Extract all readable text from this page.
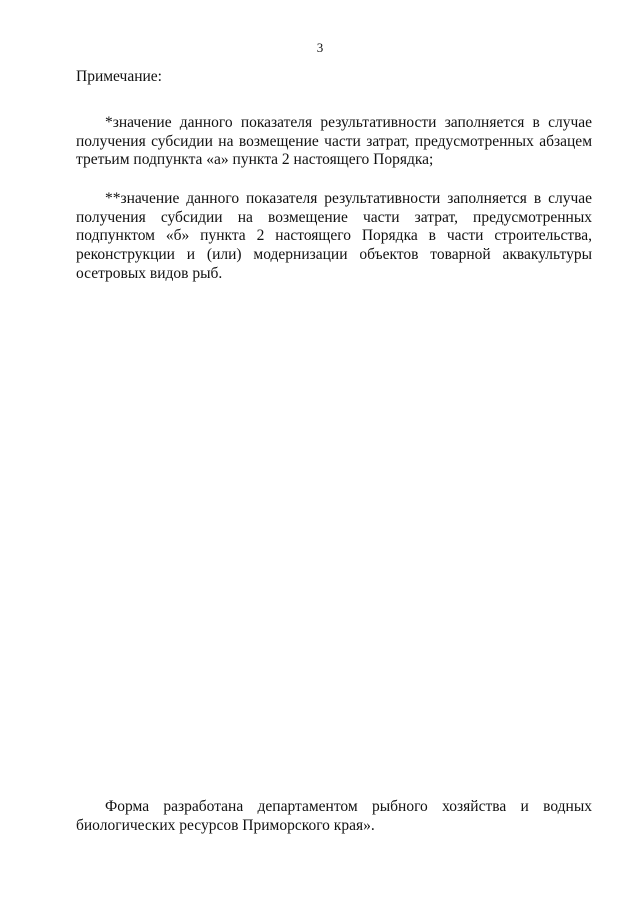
3
Примечание:

*значение данного показателя результативности заполняется в случае получения субсидии на возмещение части затрат, предусмотренных абзацем третьим подпункта «а» пункта 2 настоящего Порядка;

**значение данного показателя результативности заполняется в случае получения субсидии на возмещение части затрат, предусмотренных подпунктом «б» пункта 2 настоящего Порядка в части строительства, реконструкции и (или) модернизации объектов товарной аквакультуры осетровых видов рыб.

Форма разработана департаментом рыбного хозяйства и водных биологических ресурсов Приморского края».
